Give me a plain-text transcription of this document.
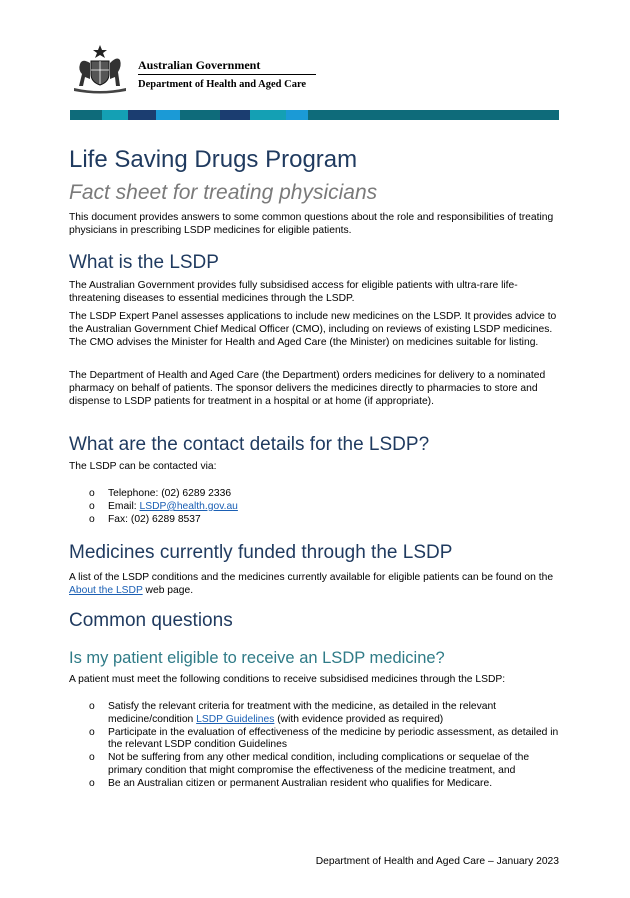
Australian Government
Department of Health and Aged Care
Life Saving Drugs Program
Fact sheet for treating physicians

This document provides answers to some common questions about the role and responsibilities of treating physicians in prescribing LSDP medicines for eligible patients.

What is the LSDP

The Australian Government provides fully subsidised access for eligible patients with ultra-rare life-threatening diseases to essential medicines through the LSDP.

The LSDP Expert Panel assesses applications to include new medicines on the LSDP. It provides advice to the Australian Government Chief Medical Officer (CMO), including on reviews of existing LSDP medicines. The CMO advises the Minister for Health and Aged Care (the Minister) on medicines suitable for listing.

The Department of Health and Aged Care (the Department) orders medicines for delivery to a nominated pharmacy on behalf of patients. The sponsor delivers the medicines directly to pharmacies to store and dispense to LSDP patients for treatment in a hospital or at home (if appropriate).

What are the contact details for the LSDP?

The LSDP can be contacted via:

o Telephone: (02) 6289 2336
o Email: LSDP@health.gov.au
o Fax: (02) 6289 8537
Medicines currently funded through the LSDP

A list of the LSDP conditions and the medicines currently available for eligible patients can be found on the About the LSDP web page.

Common questions
Is my patient eligible to receive an LSDP medicine?

A patient must meet the following conditions to receive subsidised medicines through the LSDP:

o Satisfy the relevant criteria for treatment with the medicine, as detailed in the relevant medicine/condition LSDP Guidelines (with evidence provided as required)
o Participate in the evaluation of effectiveness of the medicine by periodic assessment, as detailed in the relevant LSDP condition Guidelines
o Not be suffering from any other medical condition, including complications or sequelae of the primary condition that might compromise the effectiveness of the medicine treatment, and
o Be an Australian citizen or permanent Australian resident who qualifies for Medicare.
Department of Health and Aged Care – January 2023
